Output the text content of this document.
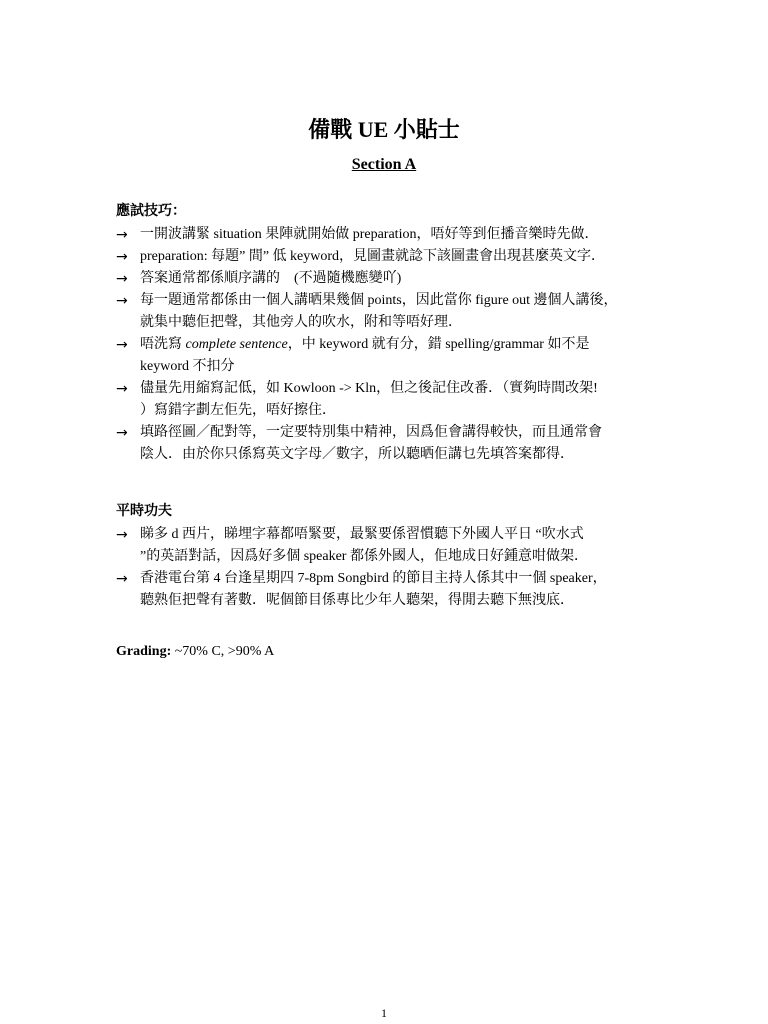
備戰 UE 小貼士
Section A
應試技巧：
→ 一開波講緊 situation 果陣就開始做 preparation，唔好等到佢播音樂時先做．
→ preparation: 每題” 間” 低 keyword，見圖畫就諗下該圖畫會出現甚麼英文字．
→ 答案通常都係順序講的　(不過隨機應變吖)
→ 每一題通常都係由一個人講晒果幾個 points，因此當你 figure out 邊個人講後，
就集中聽佢把聲，其他旁人的吹水，附和等唔好理．
→ 唔洗寫 complete sentence，中 keyword 就有分，錯 spelling/grammar 如不是
keyword 不扣分
→ 儘量先用縮寫記低，如 Kowloon -> Kln，但之後記住改番．（實夠時間改架!
）寫錯字劃左佢先，唔好擦住．
→ 填路徑圖／配對等，一定要特別集中精神，因爲佢會講得較快，而且通常會
陰人．由於你只係寫英文字母／數字，所以聽晒佢講乜先填答案都得．
平時功夫
→ 睇多 d 西片，睇埋字幕都唔緊要，最緊要係習慣聽下外國人平日 “吹水式
”的英語對話，因爲好多個 speaker 都係外國人，佢地成日好鍾意咁做架．
→ 香港電台第 4 台逢星期四 7-8pm Songbird 的節目主持人係其中一個 speaker，
聽熟佢把聲有著數．呢個節目係專比少年人聽架，得閒去聽下無洩底．
Grading: ~70% C, >90% A
1
